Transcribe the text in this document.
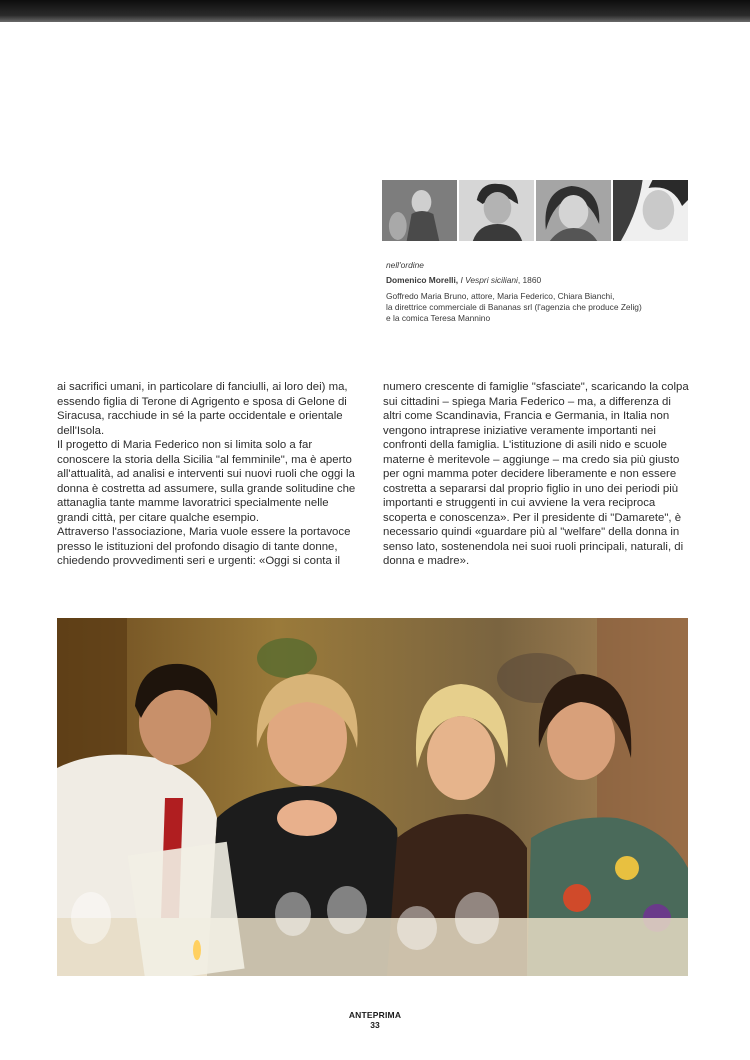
nell'ordine

Domenico Morelli, I Vespri siciliani, 1860

Goffredo Maria Bruno, attore, Maria Federico, Chiara Bianchi,

la direttrice commerciale di Bananas srl (l'agenzia che produce Zelig)

e la comica Teresa Mannino

ai sacrifici umani, in particolare di fanciulli, ai loro dei) ma, essendo figlia di Terone di Agrigento e sposa di Gelone di Siracusa, racchiude in sé la parte occidentale e orientale dell'Isola.

Il progetto di Maria Federico non si limita solo a far conoscere la storia della Sicilia "al femminile", ma è aperto all'attualità, ad analisi e interventi sui nuovi ruoli che oggi la donna è costretta ad assumere, sulla grande solitudine che attanaglia tante mamme lavoratrici specialmente nelle grandi città, per citare qualche esempio.

Attraverso l'associazione, Maria vuole essere la portavoce presso le istituzioni del profondo disagio di tante donne, chiedendo provvedimenti seri e urgenti: «Oggi si conta il

numero crescente di famiglie "sfasciate", scaricando la colpa sui cittadini – spiega Maria Federico – ma, a differenza di altri come Scandinavia, Francia e Germania, in Italia non vengono intraprese iniziative veramente importanti nei confronti della famiglia. L'istituzione di asili nido e scuole materne è meritevole – aggiunge – ma credo sia più giusto per ogni mamma poter decidere liberamente e non essere costretta a separarsi dal proprio figlio in uno dei periodi più importanti e struggenti in cui avviene la vera reciproca scoperta e conoscenza». Per il presidente di "Damarete", è necessario quindi «guardare più al "welfare" della donna in senso lato, sostenendola nei suoi ruoli principali, naturali, di donna e madre».

ANTEPRIMA
33
